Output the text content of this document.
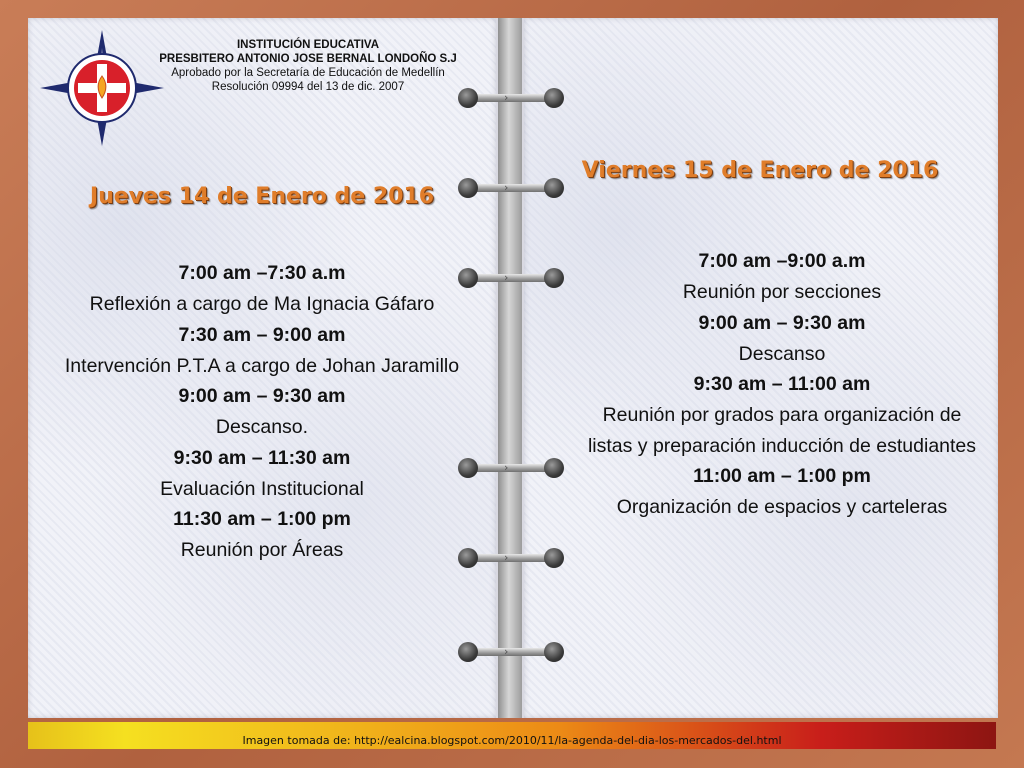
›
›
›
›
›
›
INSTITUCIÓN EDUCATIVA
PRESBITERO ANTONIO JOSE BERNAL LONDOÑO S.J
Aprobado por la Secretaría de Educación de Medellín
Resolución 09994 del 13 de dic. 2007
Jueves 14 de Enero de 2016
Viernes 15 de Enero de 2016
7:00 am –7:30 a.m
Reflexión a cargo de Ma Ignacia Gáfaro
7:30 am – 9:00 am
Intervención P.T.A a cargo de Johan Jaramillo
9:00 am – 9:30 am
Descanso.
9:30 am – 11:30 am
Evaluación Institucional
11:30 am – 1:00 pm
Reunión por Áreas
7:00 am –9:00 a.m
Reunión por secciones
9:00 am – 9:30 am
Descanso
9:30 am – 11:00 am
Reunión por grados para organización de listas y preparación inducción de estudiantes
11:00 am – 1:00 pm
Organización de espacios y carteleras
Imagen tomada de: http://ealcina.blogspot.com/2010/11/la-agenda-del-dia-los-mercados-del.html
